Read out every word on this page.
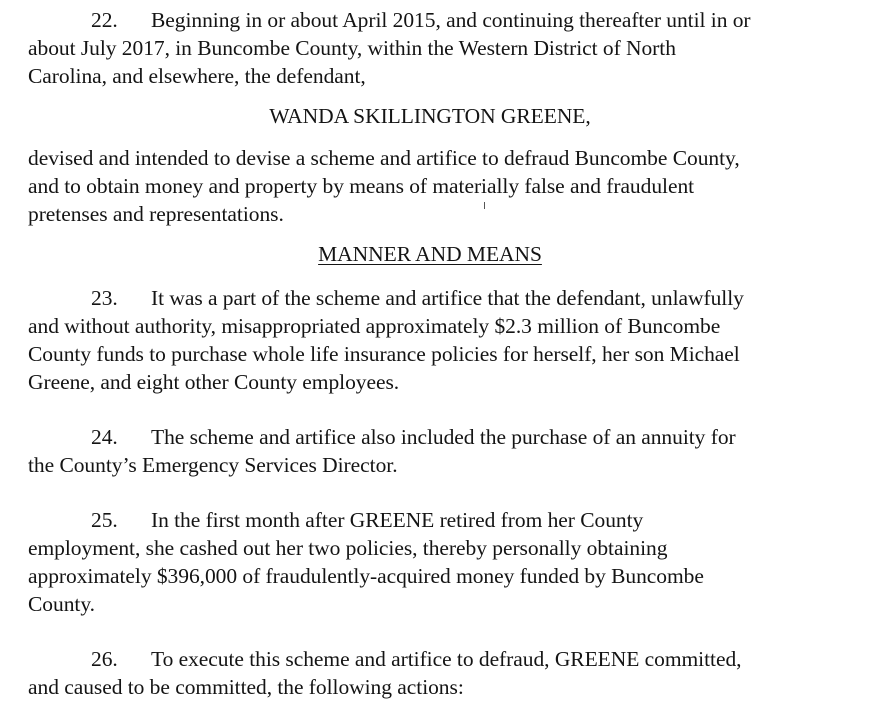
22. Beginning in or about April 2015, and continuing thereafter until in or
about July 2017, in Buncombe County, within the Western District of North
Carolina, and elsewhere, the defendant,
WANDA SKILLINGTON GREENE,
devised and intended to devise a scheme and artifice to defraud Buncombe County,
and to obtain money and property by means of materially false and fraudulent
pretenses and representations.
MANNER AND MEANS
23. It was a part of the scheme and artifice that the defendant, unlawfully
and without authority, misappropriated approximately $2.3 million of Buncombe
County funds to purchase whole life insurance policies for herself, her son Michael
Greene, and eight other County employees.
24. The scheme and artifice also included the purchase of an annuity for
the County’s Emergency Services Director.
25. In the first month after GREENE retired from her County
employment, she cashed out her two policies, thereby personally obtaining
approximately $396,000 of fraudulently-acquired money funded by Buncombe
County.
26. To execute this scheme and artifice to defraud, GREENE committed,
and caused to be committed, the following actions:
